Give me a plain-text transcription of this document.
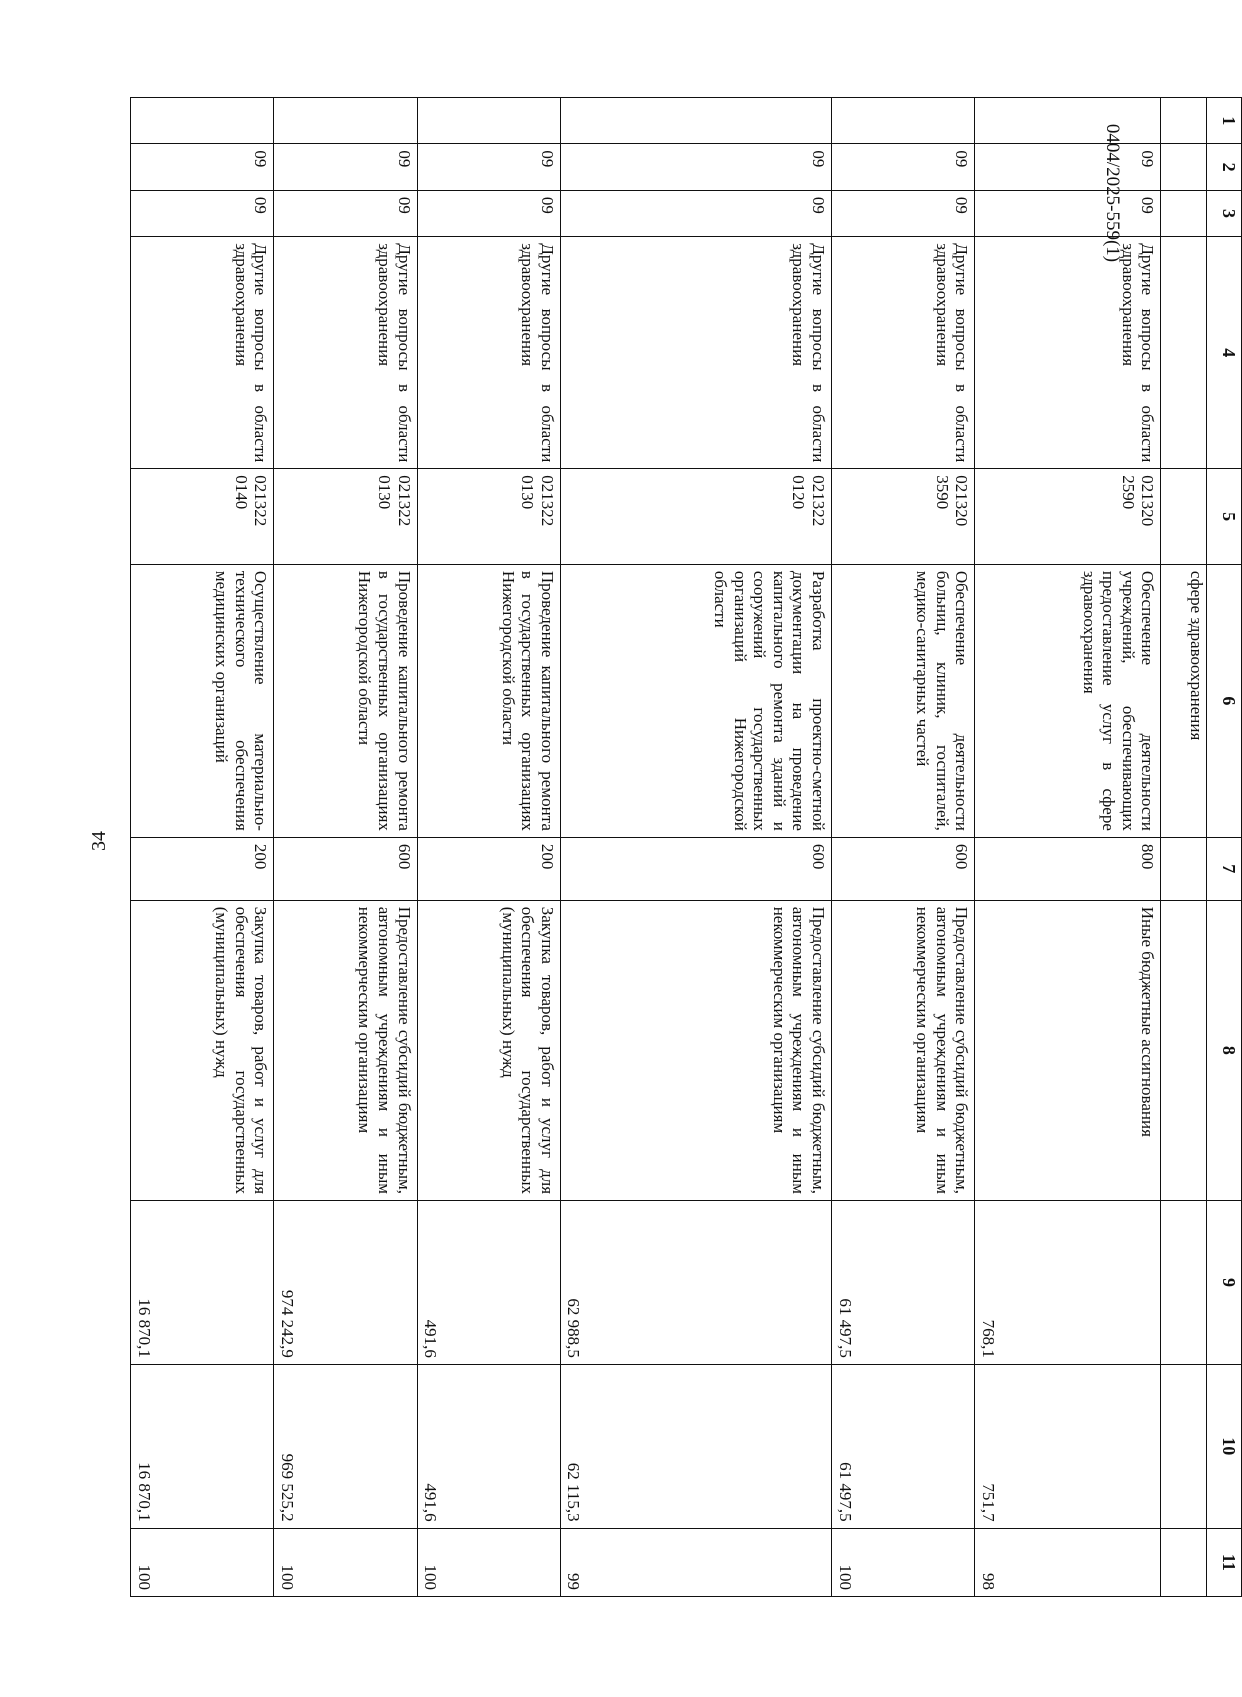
34
0404/2025-559(1)
1	2	3	4	5	6	7	8	9	10	11
					сфере здравоохранения					
	09	09	Другие вопросы в области здравоохранения	021320 2590	Обеспечение деятельности учреждений, обеспечивающих предоставление услуг в сфере здравоохранения	800	Иные бюджетные ассигнования	768,1	751,7	98
	09	09	Другие вопросы в области здравоохранения	021320 3590	Обеспечение деятельности больниц, клиник, госпиталей, медико-санитарных частей	600	Предоставление субсидий бюджетным, автономным учреждениям и иным некоммерческим организациям	61 497,5	61 497,5	100
	09	09	Другие вопросы в области здравоохранения	021322 0120	Разработка проектно-сметной документации на проведение капитального ремонта зданий и сооружений государственных организаций Нижегородской области	600	Предоставление субсидий бюджетным, автономным учреждениям и иным некоммерческим организациям	62 988,5	62 115,3	99
	09	09	Другие вопросы в области здравоохранения	021322 0130	Проведение капитального ремонта в государственных организациях Нижегородской области	200	Закупка товаров, работ и услуг для обеспечения государственных (муниципальных) нужд	491,6	491,6	100
	09	09	Другие вопросы в области здравоохранения	021322 0130	Проведение капитального ремонта в государственных организациях Нижегородской области	600	Предоставление субсидий бюджетным, автономным учреждениям и иным некоммерческим организациям	974 242,9	969 525,2	100
	09	09	Другие вопросы в области здравоохранения	021322 0140	Осуществление материально-технического обеспечения медицинских организаций	200	Закупка товаров, работ и услуг для обеспечения государственных (муниципальных) нужд	16 870,1	16 870,1	100
